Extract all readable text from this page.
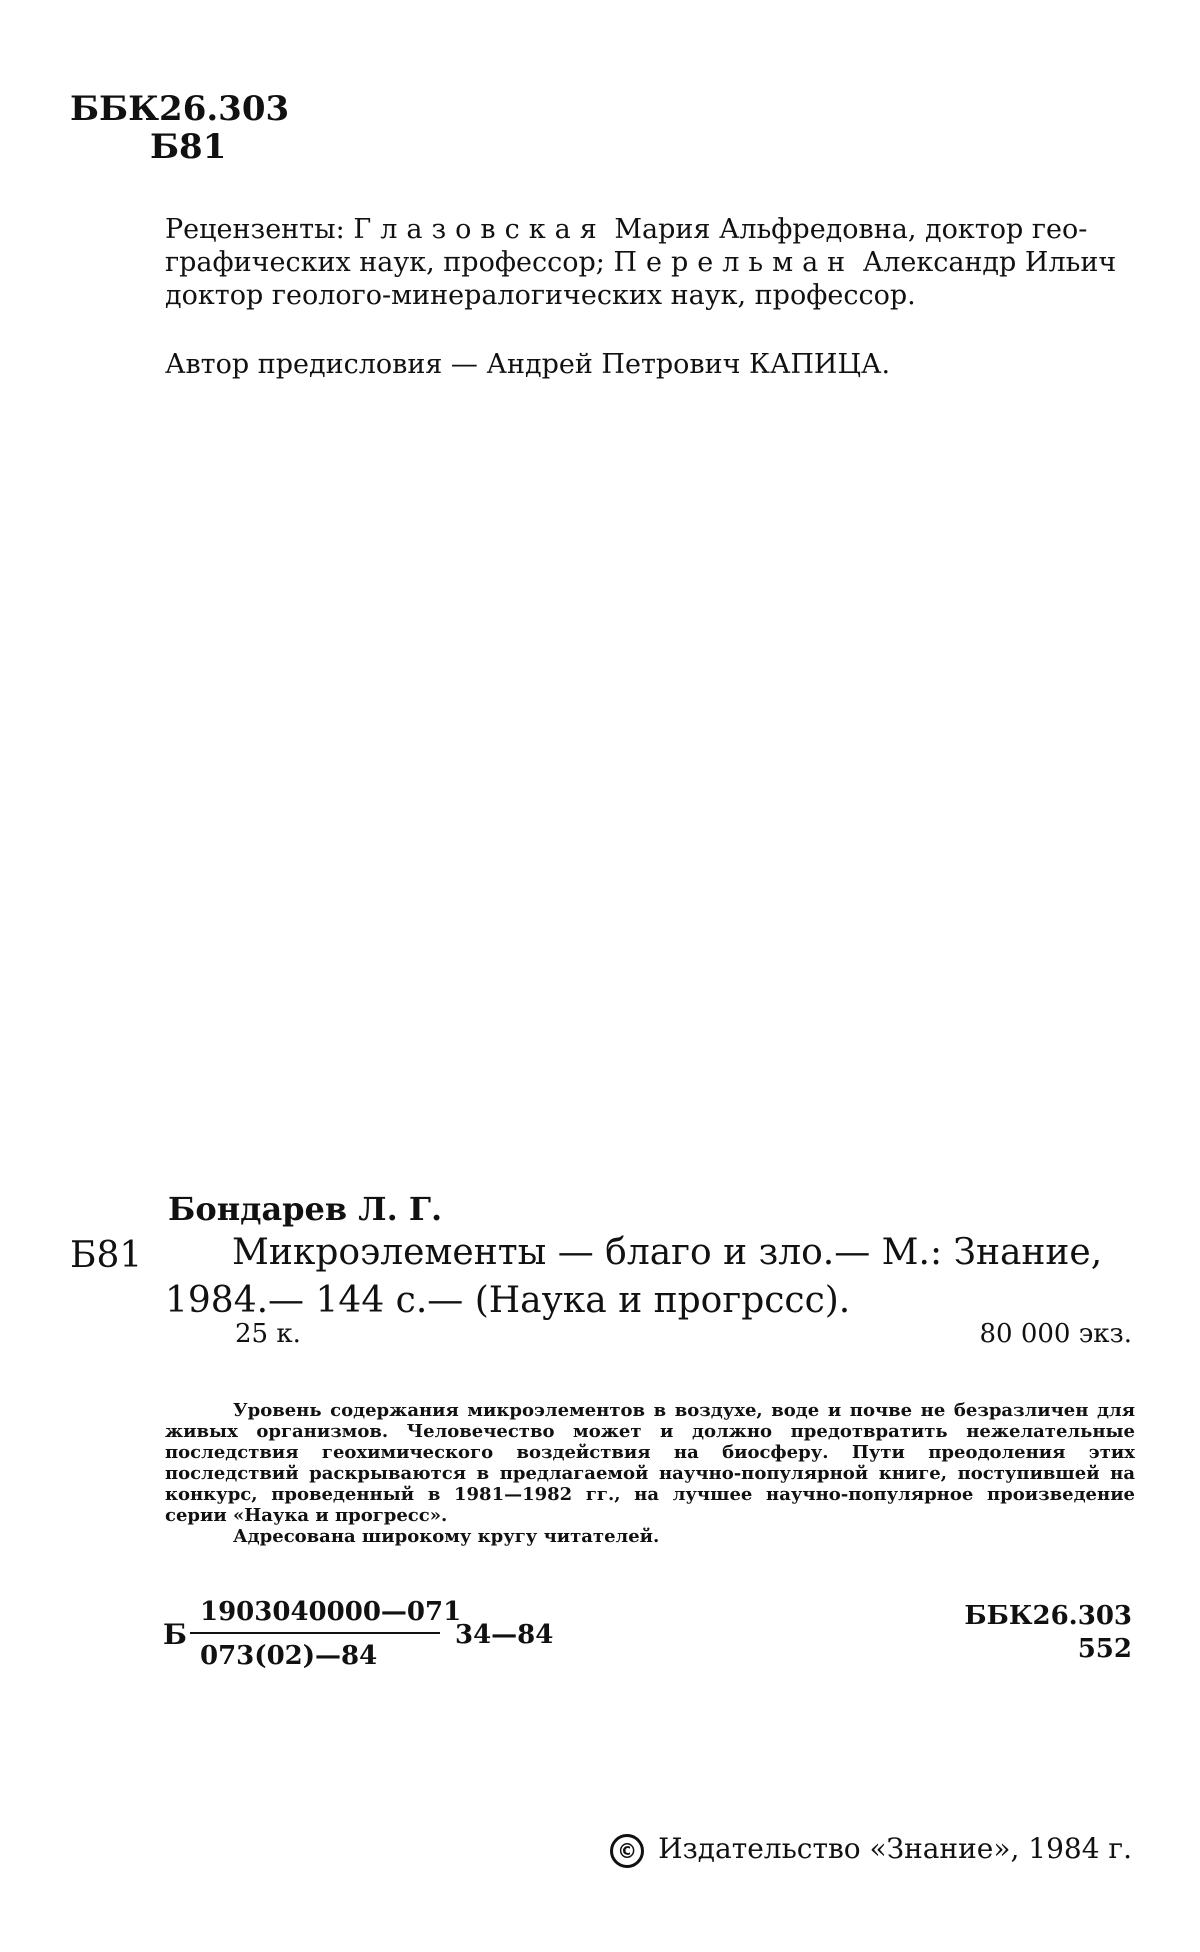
ББК26.303
Б81
Рецензенты: Глазовская Мария Альфредовна, доктор гео-
графических наук, профессор; Перельман Александр Ильич
доктор геолого-минералогических наук, профессор.
Автор предисловия — Андрей Петрович КАПИЦА.
Бондарев Л. Г.
Б81 Микроэлементы — благо и зло.— М.: Знание,
1984.— 144 с.— (Наука и прогрссс).
25 к.	80 000 экз.

Уровень содержания микроэлементов в воздухе, воде и почве не безразличен для живых организмов. Человечество может и должно предотвратить нежелательные последствия геохимического воздействия на биосферу. Пути преодоления этих последствий раскрываются в предлагаемой научно-популярной книге, поступившей на конкурс, проведенный в 1981—1982 гг., на лучшее научно-популярное произведение серии «Наука и прогресс».

Адресована широкому кругу читателей.

Б
1903040000—071
073(02)—84
34—84
ББК26.303
552
© Издательство «Знание», 1984 г.
